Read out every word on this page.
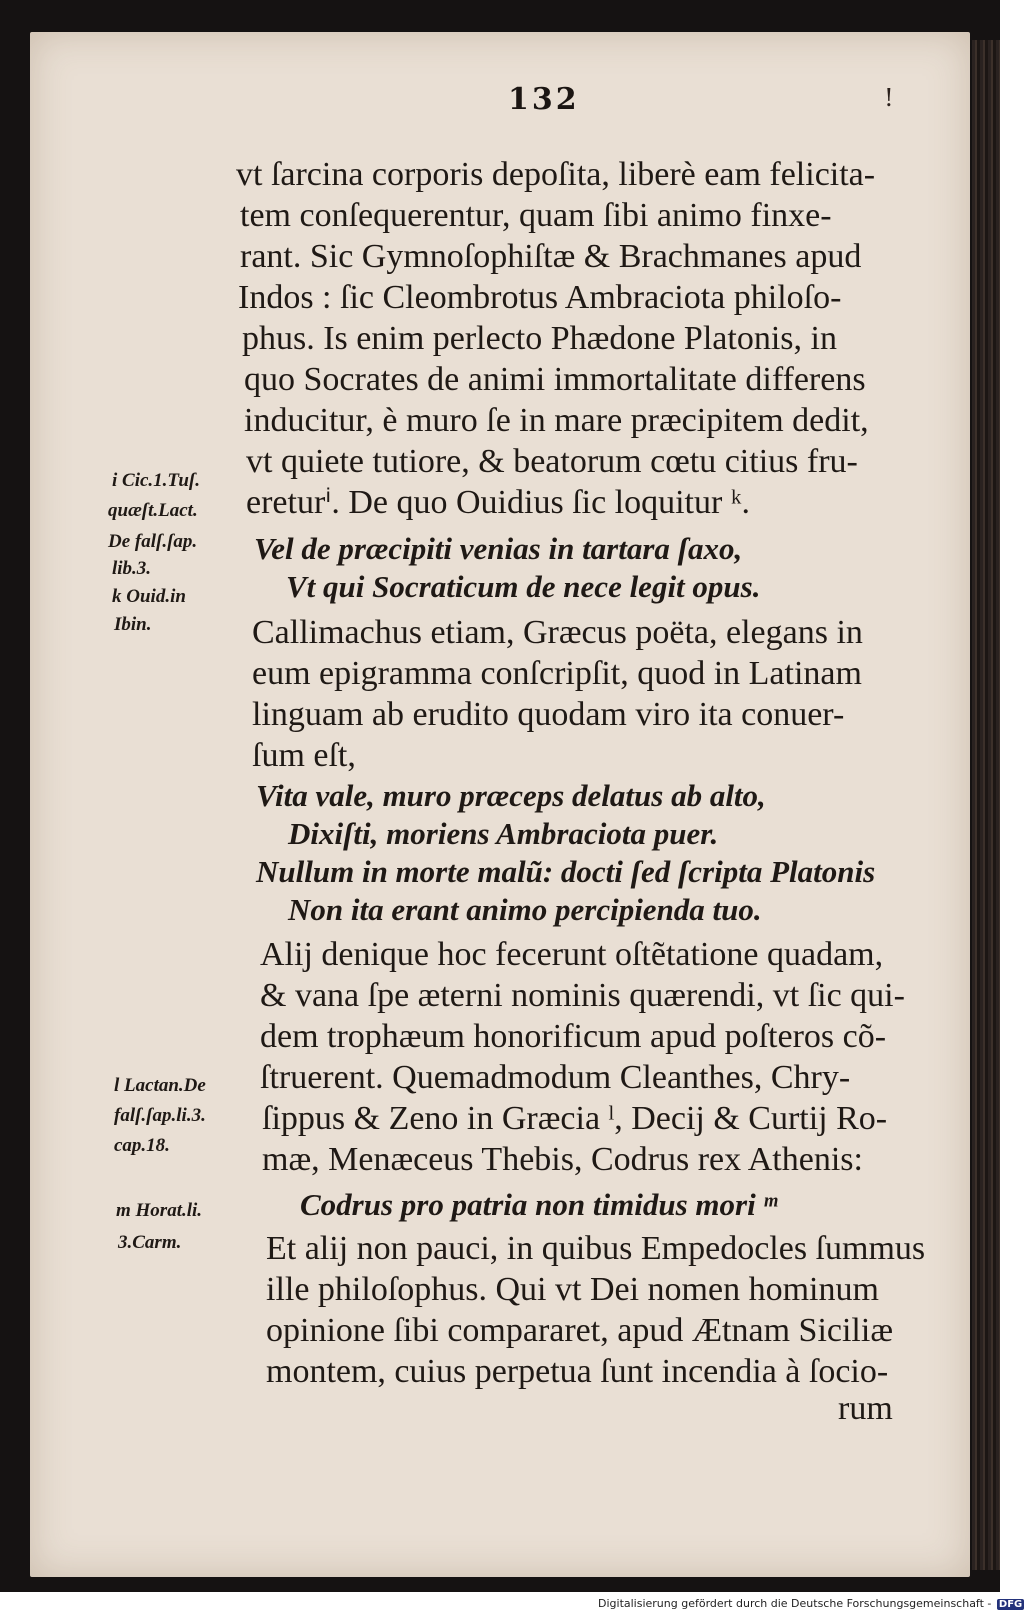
132	!
vt ſarcina corporis depoſita, liberè eam felicita-
tem conſequerentur, quam ſibi animo finxe-
rant. Sic Gymnoſophiſtæ & Brachmanes apud
Indos : ſic Cleombrotus Ambraciota philoſo-
phus. Is enim perlecto Phædone Platonis, in
quo Socrates de animi immortalitate differens
inducitur, è muro ſe in mare præcipitem dedit,
vt quiete tutiore, & beatorum cœtu citius fru-
ereturⁱ. De quo Ouidius ſic loquitur ᵏ.
Vel de præcipiti venias in tartara ſaxo,
Vt qui Socraticum de nece legit opus.
Callimachus etiam, Græcus poëta, elegans in
eum epigramma conſcripſit, quod in Latinam
linguam ab erudito quodam viro ita conuer-
ſum eſt,
Vita vale, muro præceps delatus ab alto,
Dixiſti, moriens Ambraciota puer.
Nullum in morte malũ: docti ſed ſcripta Platonis
Non ita erant animo percipienda tuo.
Alij denique hoc fecerunt oſtẽtatione quadam,
& vana ſpe æterni nominis quærendi, vt ſic qui-
dem trophæum honorificum apud poſteros cõ-
ſtruerent. Quemadmodum Cleanthes, Chry-
ſippus & Zeno in Græcia ˡ, Decij & Curtij Ro-
mæ, Menæceus Thebis, Codrus rex Athenis:
Codrus pro patria non timidus mori ᵐ
Et alij non pauci, in quibus Empedocles ſummus
ille philoſophus. Qui vt Dei nomen hominum
opinione ſibi compararet, apud Ætnam Siciliæ
montem, cuius perpetua ſunt incendia à ſocio-
rum
i Cic.1.Tuſ.
quæſt.Lact.
De falſ.ſap.
lib.3.
k Ouid.in
Ibin.
l Lactan.De
falſ.ſap.li.3.
cap.18.
m Horat.li.
3.Carm.
Digitalisierung gefördert durch die Deutsche Forschungsgemeinschaft - DFG
